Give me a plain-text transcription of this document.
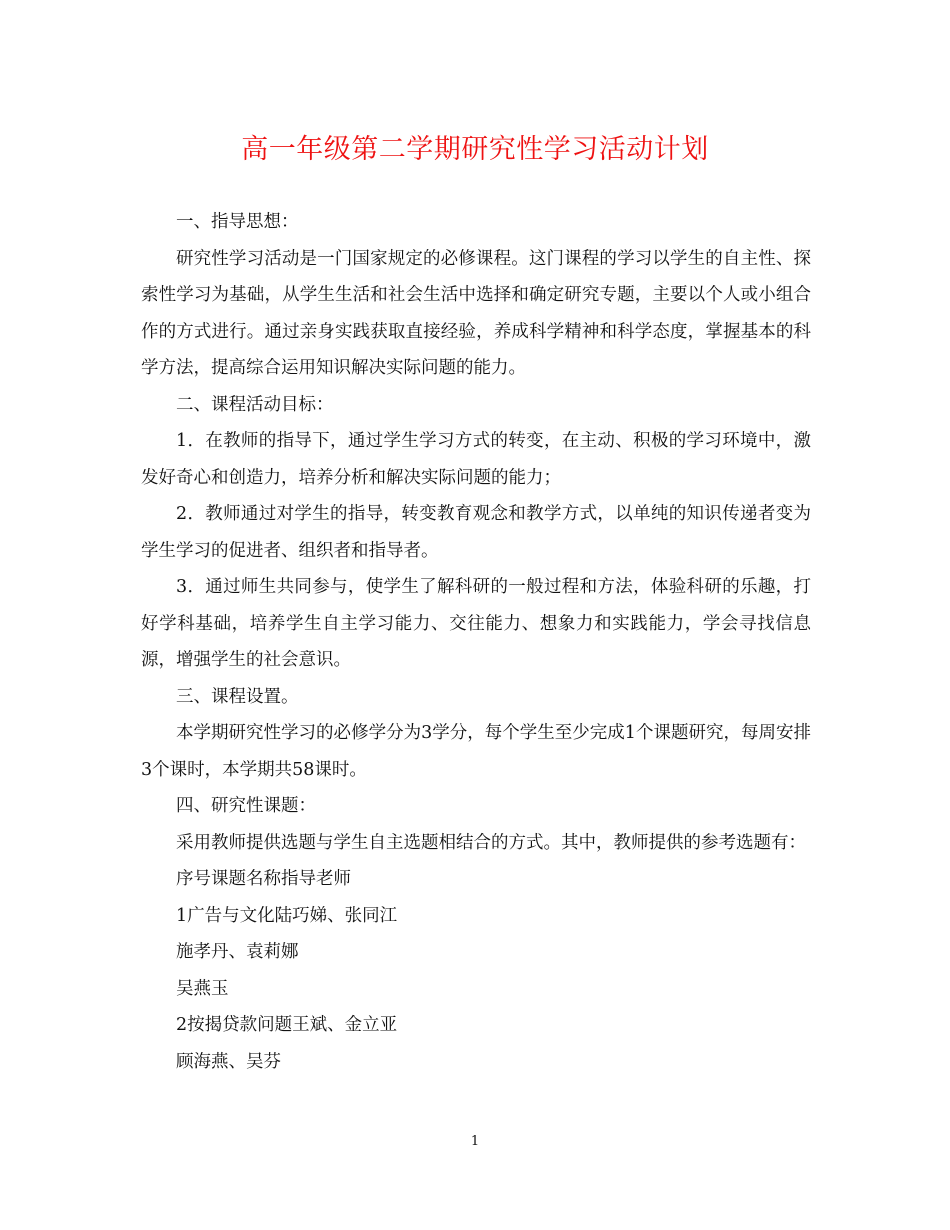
高一年级第二学期研究性学习活动计划

一、指导思想：

研究性学习活动是一门国家规定的必修课程。这门课程的学习以学生的自主性、探索性学习为基础，从学生生活和社会生活中选择和确定研究专题，主要以个人或小组合作的方式进行。通过亲身实践获取直接经验，养成科学精神和科学态度，掌握基本的科学方法，提高综合运用知识解决实际问题的能力。

二、课程活动目标：

1．在教师的指导下，通过学生学习方式的转变，在主动、积极的学习环境中，激发好奇心和创造力，培养分析和解决实际问题的能力；

2．教师通过对学生的指导，转变教育观念和教学方式，以单纯的知识传递者变为学生学习的促进者、组织者和指导者。

3．通过师生共同参与，使学生了解科研的一般过程和方法，体验科研的乐趣，打好学科基础，培养学生自主学习能力、交往能力、想象力和实践能力，学会寻找信息源，增强学生的社会意识。

三、课程设置。

本学期研究性学习的必修学分为3学分，每个学生至少完成1个课题研究，每周安排3个课时，本学期共58课时。

四、研究性课题：

采用教师提供选题与学生自主选题相结合的方式。其中，教师提供的参考选题有：

序号课题名称指导老师

1广告与文化陆巧娣、张同江

施孝丹、袁莉娜

吴燕玉

2按揭贷款问题王斌、金立亚

顾海燕、吴芬

1
